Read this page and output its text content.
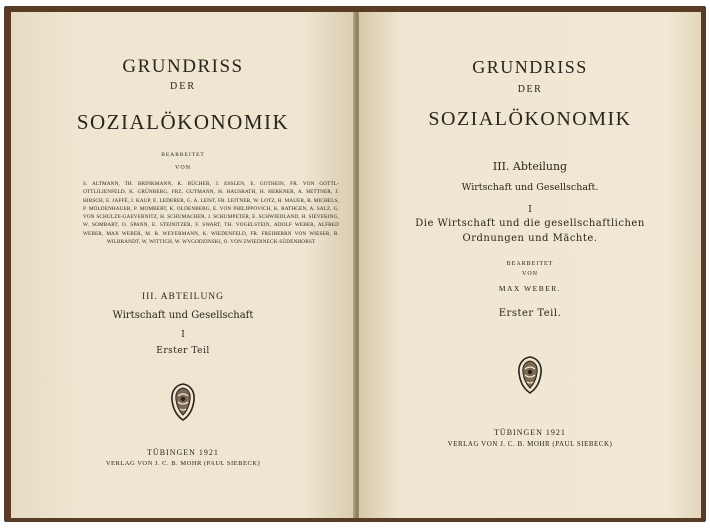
GRUNDRISS
DER
SOZIALÖKONOMIK
BEARBEITET
VON
S. ALTMANN, TH. BRINKMANN, K. BÜCHER, J. ESSLEN, E. GOTHEIN, FR. VON GOTTL-OTTLILIENFELD, K. GRÜNBERG, FRZ. GUTMANN, H. HAUSRATH, H. HERKNER, A. HETTNER, J. HIRSCH, E. JAFFÉ, J. KAUP, E. LEDERER, G. A. LEIST, FR. LEITNER, W. LOTZ, H. MAUER, R. MICHELS, P. MOLDENHAUER, P. MOMBERT, K. OLDENBERG, E. VON PHILIPPOVICH, K. RATHGEN, A. SALZ, G. VON SCHULZE-GAEVERNITZ, H. SCHUMACHER, J. SCHUMPETER, E. SCHWIEDLAND, H. SIEVEKING, W. SOMBART, O. SPANN, E. STEINITZER, F. SWART, TH. VOGELSTEIN, ADOLF WEBER, ALFRED WEBER, MAX WEBER, M. R. WEYERMANN, K. WIEDENFELD, FR. FREIHERRN VON WIESER, R. WILBRANDT, W. WITTICH, W. WYGODZINSKI, O. VON ZWIEDINECK-SÜDENHORST
III. ABTEILUNG
Wirtschaft und Gesellschaft
I
Erster Teil
TÜBINGEN 1921
VERLAG VON J. C. B. MOHR (PAUL SIEBECK)
GRUNDRISS
DER
SOZIALÖKONOMIK
III. Abteilung
Wirtschaft und Gesellschaft.
I
Die Wirtschaft und die gesellschaftlichen
Ordnungen und Mächte.
BEARBEITET
VON
MAX WEBER.
Erster Teil.
TÜBINGEN 1921
VERLAG VON J. C. B. MOHR (PAUL SIEBECK)
